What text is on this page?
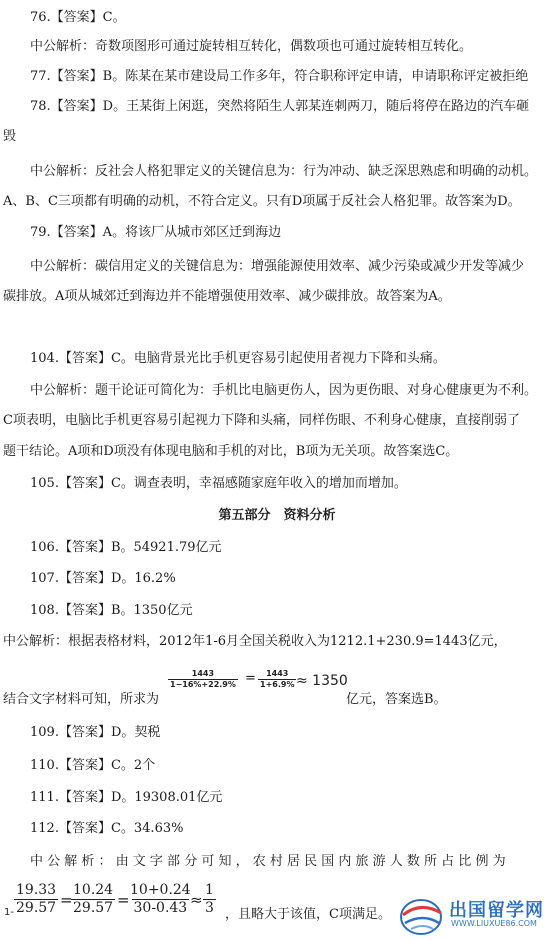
76.【答案】C。
中公解析：奇数项图形可通过旋转相互转化，偶数项也可通过旋转相互转化。
77.【答案】B。陈某在某市建设局工作多年，符合职称评定申请，申请职称评定被拒绝
78.【答案】D。王某街上闲逛，突然将陌生人郭某连刺两刀，随后将停在路边的汽车砸
毁
中公解析：反社会人格犯罪定义的关键信息为：行为冲动、缺乏深思熟虑和明确的动机。
A、B、C三项都有明确的动机，不符合定义。只有D项属于反社会人格犯罪。故答案为D。
79.【答案】A。将该厂从城市郊区迁到海边
中公解析：碳信用定义的关键信息为：增强能源使用效率、减少污染或减少开发等减少
碳排放。A项从城郊迁到海边并不能增强使用效率、减少碳排放。故答案为A。
104.【答案】C。电脑背景光比手机更容易引起使用者视力下降和头痛。
中公解析：题干论证可简化为：手机比电脑更伤人，因为更伤眼、对身心健康更为不利。
C项表明，电脑比手机更容易引起视力下降和头痛，同样伤眼、不利身心健康，直接削弱了
题干结论。A项和D项没有体现电脑和手机的对比，B项为无关项。故答案选C。
105.【答案】C。调查表明，幸福感随家庭年收入的增加而增加。
第五部分　资料分析
106.【答案】B。54921.79亿元
107.【答案】D。16.2%
108.【答案】B。1350亿元
中公解析：根据表格材料，2012年1-6月全国关税收入为1212.1+230.9=1443亿元，
结合文字材料可知，所求为
$\frac{1443}{1-16\%+22.9\%} = \frac{1443}{1+6.9\%} \approx 1350$
亿元，答案选B。
109.【答案】D。契税
110.【答案】C。2个
111.【答案】D。19308.01亿元
112.【答案】C。34.63%
中 公 解 析 ： 由 文 字 部 分 可 知 ， 农 村 居 民 国 内 旅 游 人 数 所 占 比 例 为
$1- \frac{19.33}{29.57}$ =
$\frac{10.24}{29.57}$ =
$\frac{10+0.24}{30-0.43}$
≈ $\frac{1}{3}$ ，且略大于该值，C项满足。	出国留学网
WWW.LIUXUE86.COM
